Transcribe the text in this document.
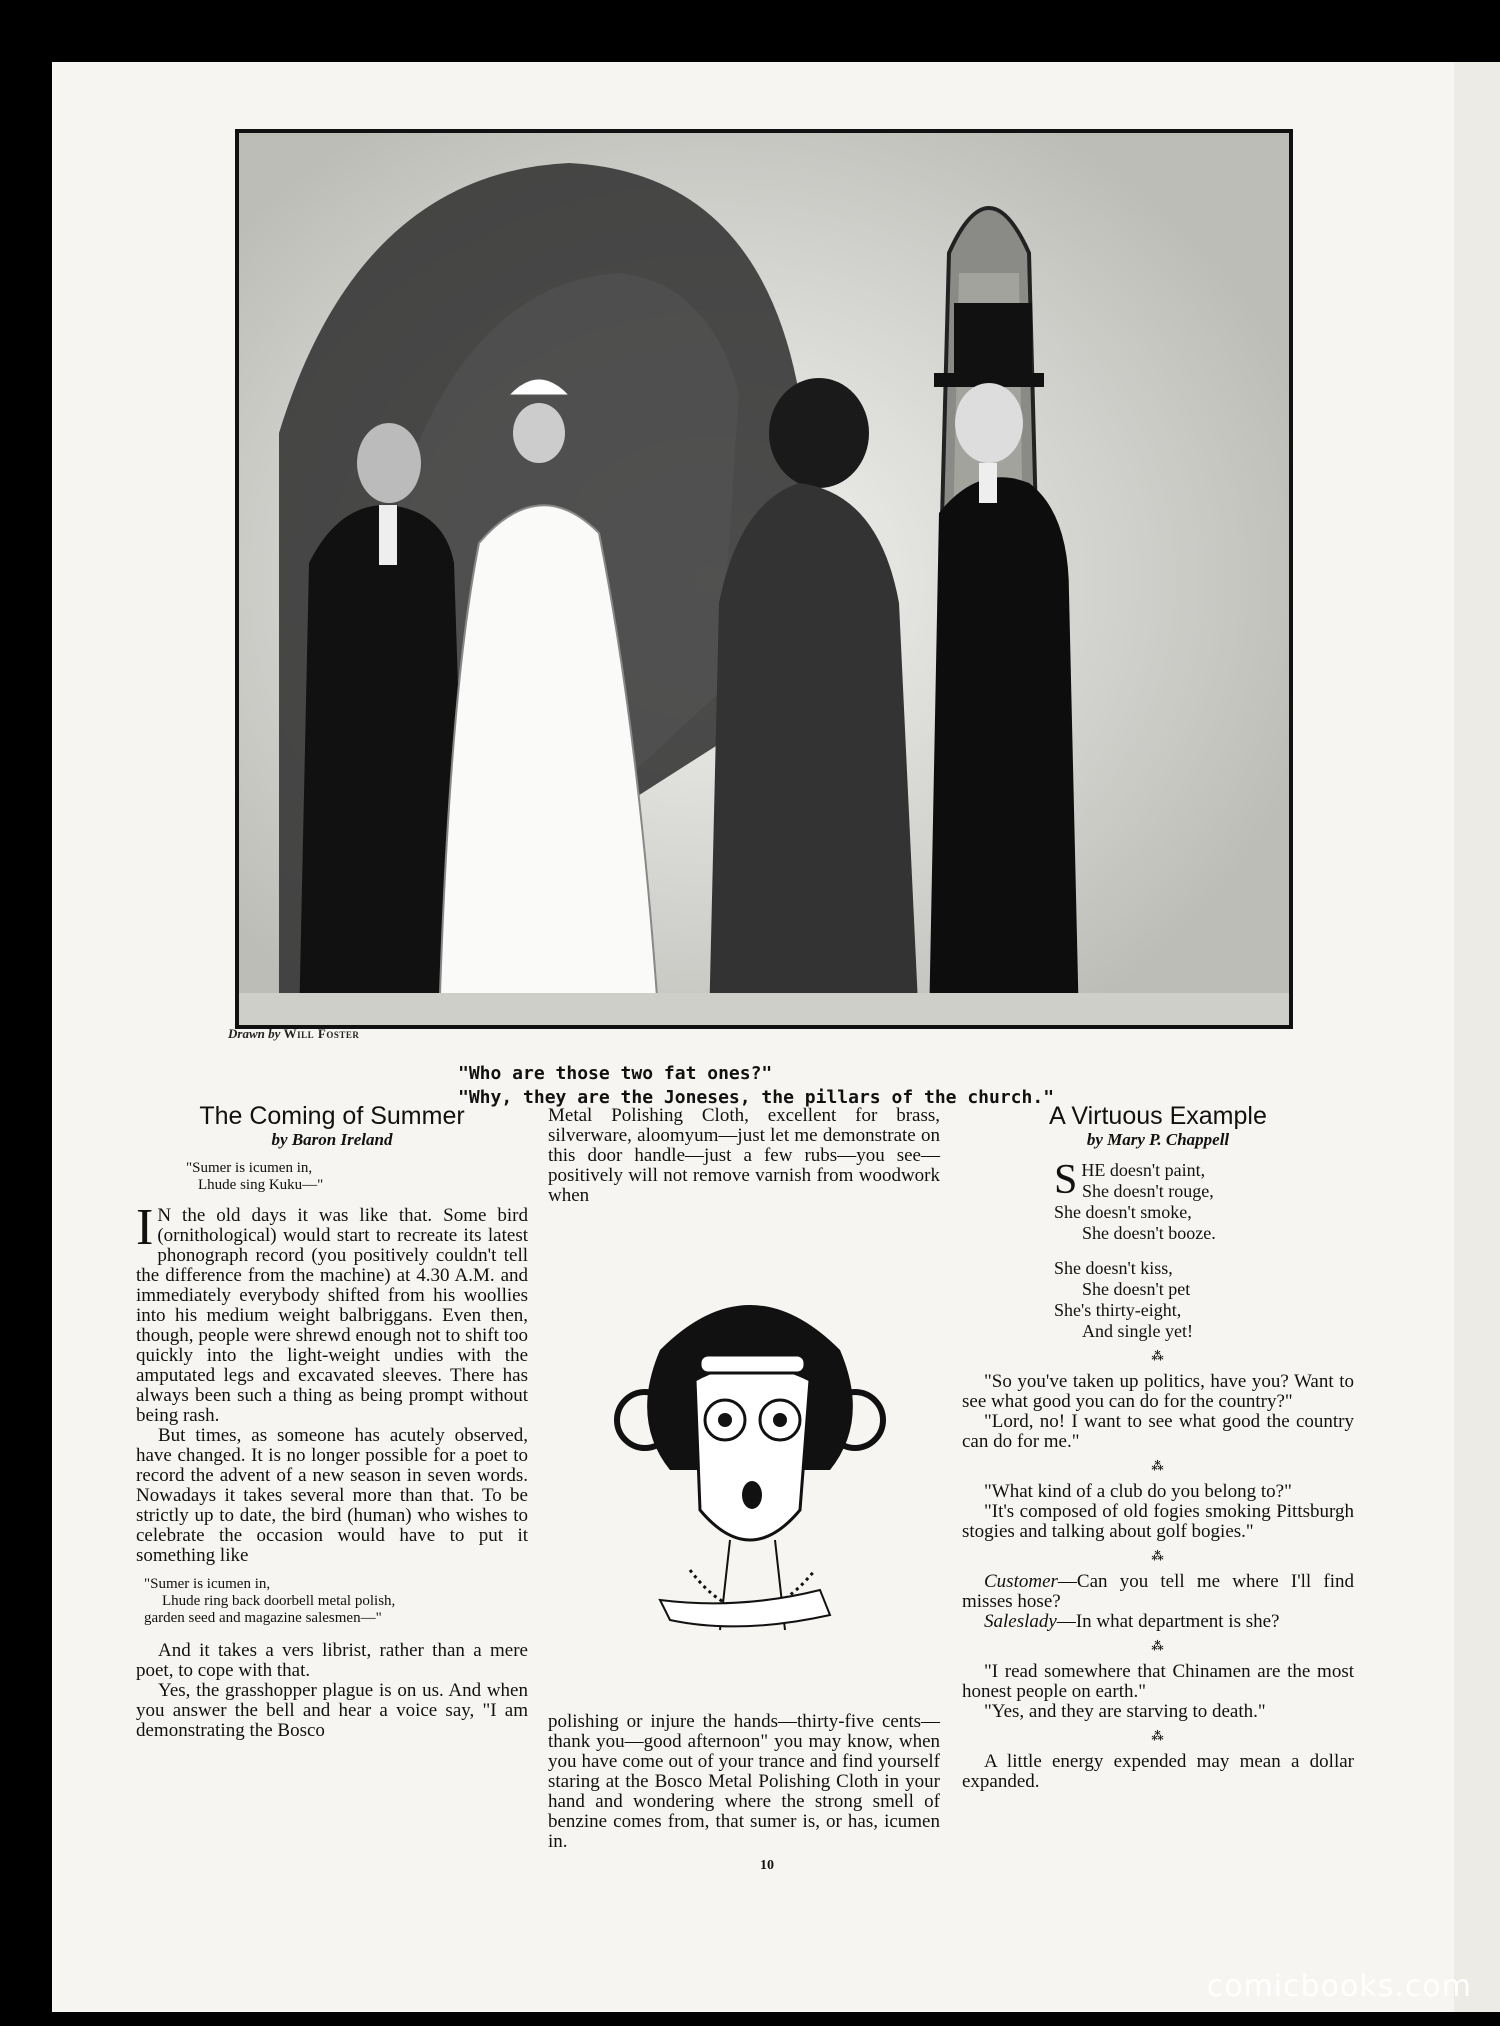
Drawn by Will Foster

"Who are those two fat ones?"
"Why, they are the Joneses, the pillars of the church."

The Coming of Summer
by Baron Ireland
"Sumer is icumen in,
Lhude sing Kuku—"

I N the old days it was like that. Some bird (ornithological) would start to recreate its latest phonograph record (you positively couldn't tell the difference from the machine) at 4.30 A.M. and immediately everybody shifted from his woollies into his medium weight balbriggans. Even then, though, people were shrewd enough not to shift too quickly into the light-weight undies with the amputated legs and excavated sleeves. There has always been such a thing as being prompt without being rash.

But times, as someone has acutely observed, have changed. It is no longer possible for a poet to record the advent of a new season in seven words. Nowadays it takes several more than that. To be strictly up to date, the bird (human) who wishes to celebrate the occasion would have to put it something like

"Sumer is icumen in,
Lhude ring back doorbell metal polish,
garden seed and magazine salesmen—"

And it takes a vers librist, rather than a mere poet, to cope with that.

Yes, the grasshopper plague is on us. And when you answer the bell and hear a voice say, "I am demonstrating the Bosco

Metal Polishing Cloth, excellent for brass, silverware, aloomyum—just let me demonstrate on this door handle—just a few rubs—you see—positively will not remove varnish from woodwork when

polishing or injure the hands—thirty-five cents—thank you—good afternoon" you may know, when you have come out of your trance and find yourself staring at the Bosco Metal Polishing Cloth in your hand and wondering where the strong smell of benzine comes from, that sumer is, or has, icumen in.

A Virtuous Example
by Mary P. Chappell
SHE doesn't paint,
She doesn't rouge,
She doesn't smoke,
She doesn't booze.
She doesn't kiss,
She doesn't pet
She's thirty-eight,
And single yet!
⁂

"So you've taken up politics, have you? Want to see what good you can do for the country?"

"Lord, no! I want to see what good the country can do for me."

⁂

"What kind of a club do you belong to?"

"It's composed of old fogies smoking Pittsburgh stogies and talking about golf bogies."

⁂

Customer—Can you tell me where I'll find misses hose?

Saleslady—In what department is she?

⁂

"I read somewhere that Chinamen are the most honest people on earth."

"Yes, and they are starving to death."

⁂

A little energy expended may mean a dollar expanded.

10
comicbooks.com
